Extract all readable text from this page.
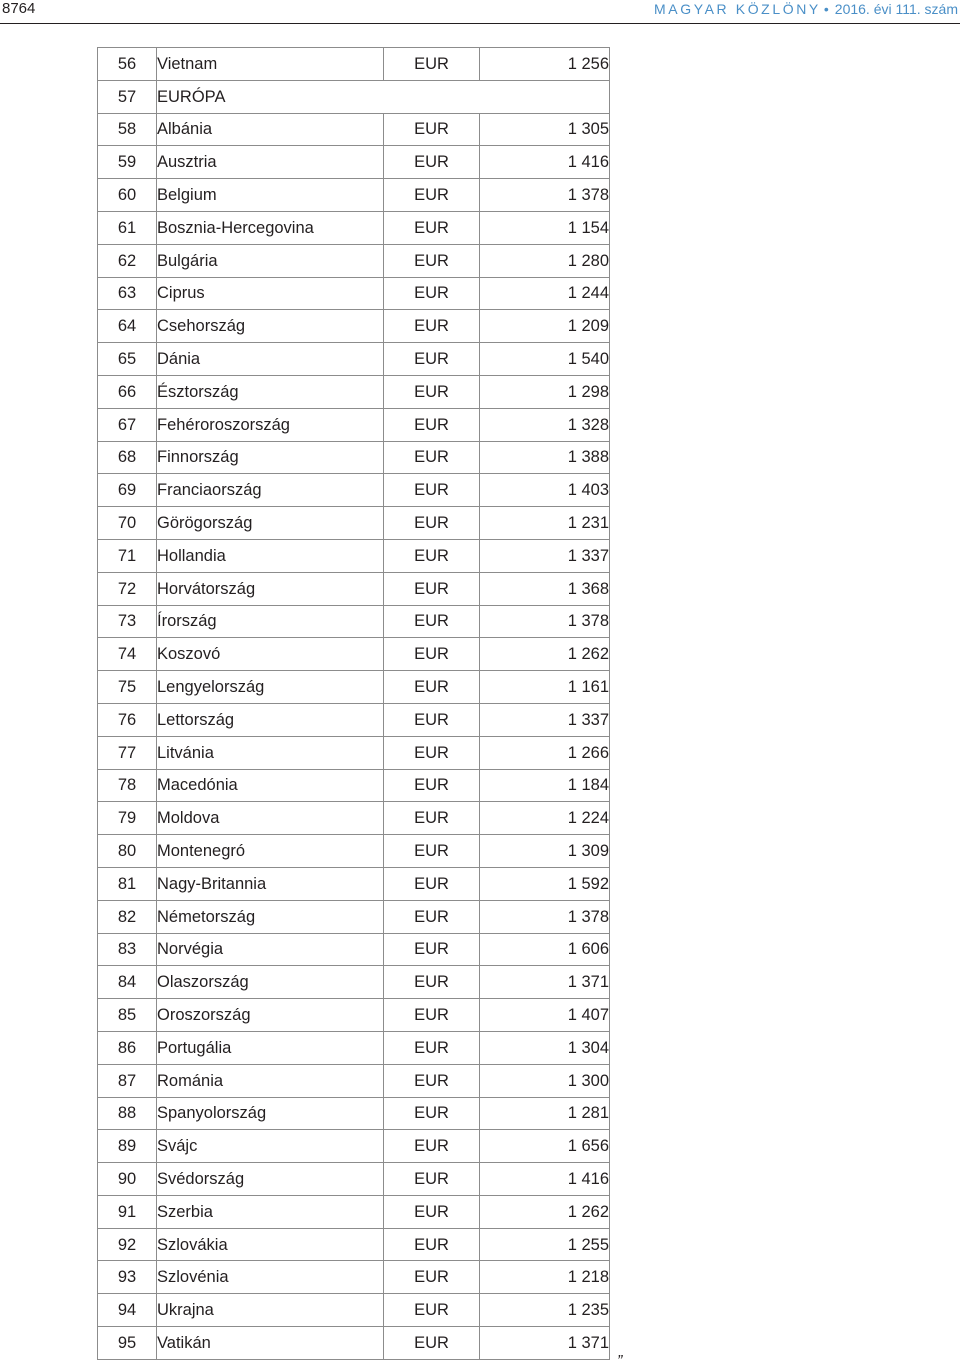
8764	MAGYAR KÖZLÖNY • 2016. évi 111. szám
56	Vietnam	EUR	1 256
57	EURÓPA		
58	Albánia	EUR	1 305
59	Ausztria	EUR	1 416
60	Belgium	EUR	1 378
61	Bosznia-Hercegovina	EUR	1 154
62	Bulgária	EUR	1 280
63	Ciprus	EUR	1 244
64	Csehország	EUR	1 209
65	Dánia	EUR	1 540
66	Észtország	EUR	1 298
67	Fehéroroszország	EUR	1 328
68	Finnország	EUR	1 388
69	Franciaország	EUR	1 403
70	Görögország	EUR	1 231
71	Hollandia	EUR	1 337
72	Horvátország	EUR	1 368
73	Írország	EUR	1 378
74	Koszovó	EUR	1 262
75	Lengyelország	EUR	1 161
76	Lettország	EUR	1 337
77	Litvánia	EUR	1 266
78	Macedónia	EUR	1 184
79	Moldova	EUR	1 224
80	Montenegró	EUR	1 309
81	Nagy-Britannia	EUR	1 592
82	Németország	EUR	1 378
83	Norvégia	EUR	1 606
84	Olaszország	EUR	1 371
85	Oroszország	EUR	1 407
86	Portugália	EUR	1 304
87	Románia	EUR	1 300
88	Spanyolország	EUR	1 281
89	Svájc	EUR	1 656
90	Svédország	EUR	1 416
91	Szerbia	EUR	1 262
92	Szlovákia	EUR	1 255
93	Szlovénia	EUR	1 218
94	Ukrajna	EUR	1 235
95	Vatikán	EUR	1 371
”
